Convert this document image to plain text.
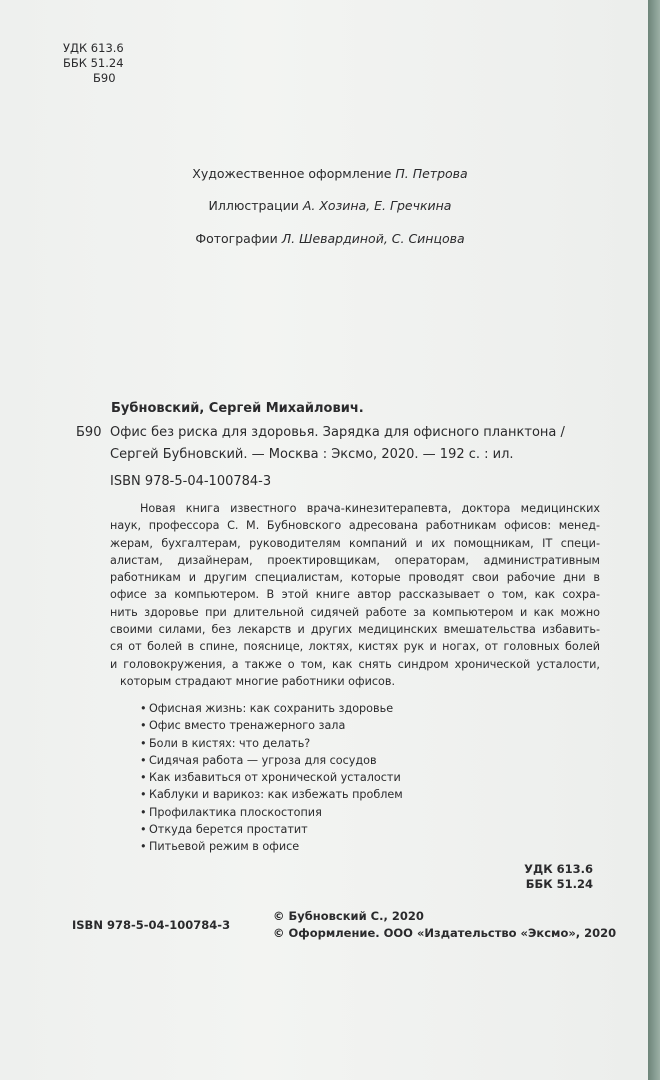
УДК 613.6
ББК 51.24
Б90
Художественное оформление П. Петрова
Иллюстрации А. Хозина, Е. Гречкина
Фотографии Л. Шевардиной, С. Синцова
Бубновский, Сергей Михайлович.
Б90 Офис без риска для здоровья. Зарядка для офисного планктона /
Сергей Бубновский. — Москва : Эксмо, 2020. — 192 с. : ил.
ISBN 978-5-04-100784-3
Новая книга известного врача-кинезитерапевта, доктора медицинских
наук, профессора С. М. Бубновского адресована работникам офисов: менед-
жерам, бухгалтерам, руководителям компаний и их помощникам, IT специ-
алистам, дизайнерам, проектировщикам, операторам, административным
работникам и другим специалистам, которые проводят свои рабочие дни в
офисе за компьютером. В этой книге автор рассказывает о том, как сохра-
нить здоровье при длительной сидячей работе за компьютером и как можно
своими силами, без лекарств и других медицинских вмешательства избавить-
ся от болей в спине, пояснице, локтях, кистях рук и ногах, от головных болей
и головокружения, а также о том, как снять синдром хронической усталости,
которым страдают многие работники офисов.
• Офисная жизнь: как сохранить здоровье
• Офис вместо тренажерного зала
• Боли в кистях: что делать?
• Сидячая работа — угроза для сосудов
• Как избавиться от хронической усталости
• Каблуки и варикоз: как избежать проблем
• Профилактика плоскостопия
• Откуда берется простатит
• Питьевой режим в офисе
УДК 613.6
ББК 51.24
ISBN 978-5-04-100784-3
© Бубновский С., 2020
© Оформление. ООО «Издательство «Эксмо», 2020
